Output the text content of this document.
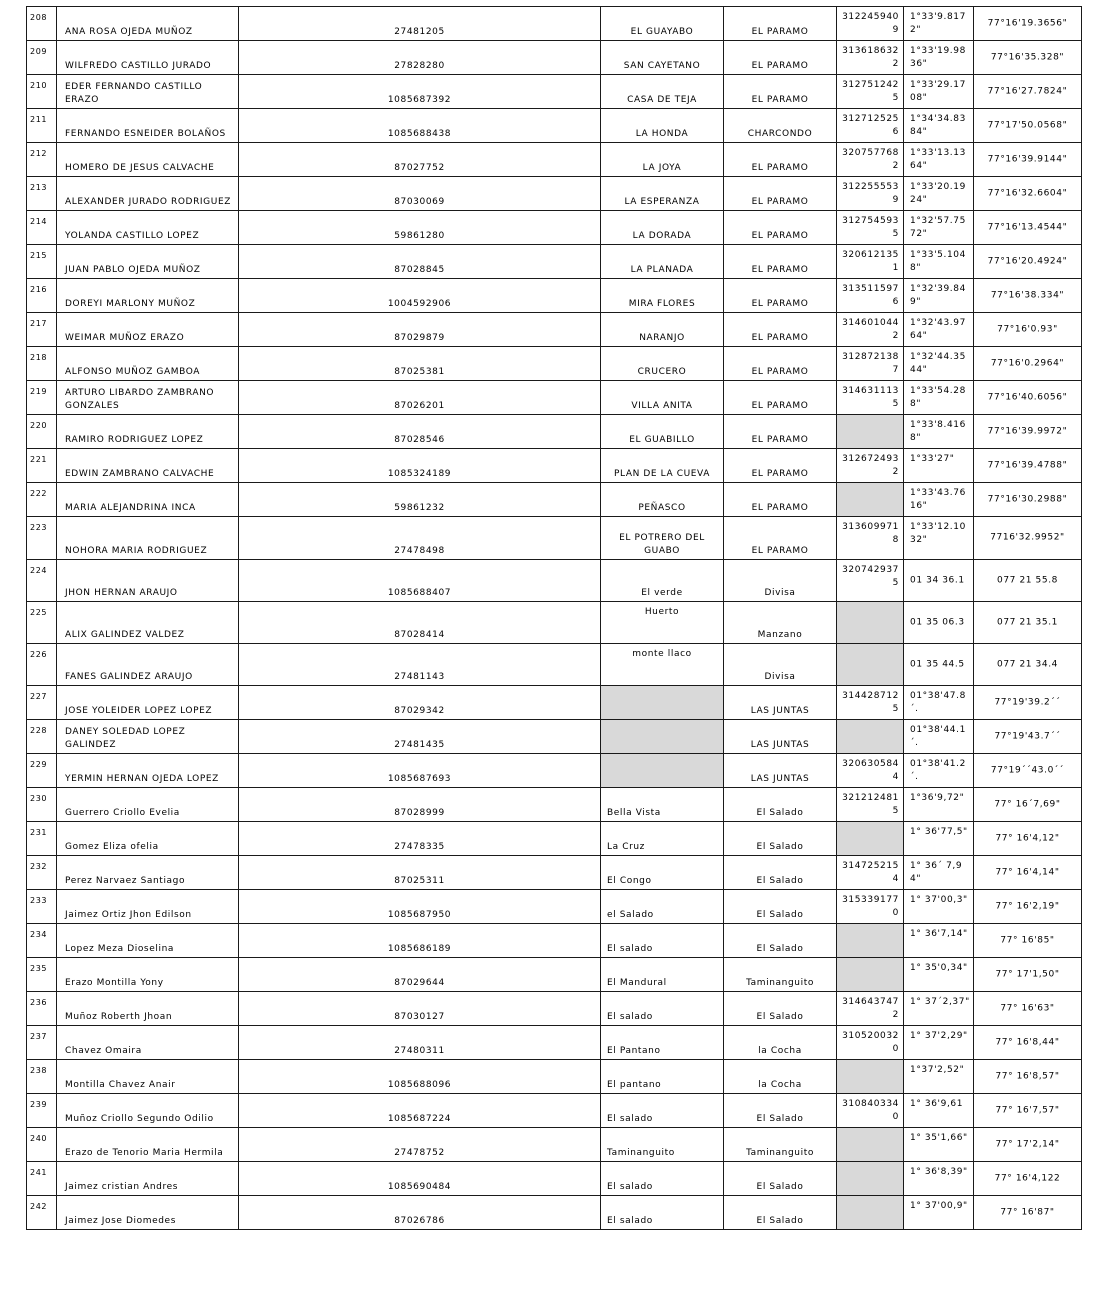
208	ANA ROSA OJEDA MUÑOZ	27481205	EL GUAYABO	EL PARAMO	3122459409	1°33'9.8172"	77°16'19.3656"

209	WILFREDO CASTILLO JURADO	27828280	SAN CAYETANO	EL PARAMO	3136186322	1°33'19.9836"	77°16'35.328"

210	EDER FERNANDO CASTILLO ERAZO	1085687392	CASA DE TEJA	EL PARAMO	3127512425	1°33'29.1708"	77°16'27.7824"

211	FERNANDO ESNEIDER BOLAÑOS	1085688438	LA HONDA	CHARCONDO	3127125256	1°34'34.8384"	77°17'50.0568"

212	HOMERO DE JESUS CALVACHE	87027752	LA JOYA	EL PARAMO	3207577682	1°33'13.1364"	77°16'39.9144"

213	ALEXANDER JURADO RODRIGUEZ	87030069	LA ESPERANZA	EL PARAMO	3122555539	1°33'20.1924"	77°16'32.6604"

214	YOLANDA CASTILLO LOPEZ	59861280	LA DORADA	EL PARAMO	3127545935	1°32'57.7572"	77°16'13.4544"

215	JUAN PABLO OJEDA MUÑOZ	87028845	LA PLANADA	EL PARAMO	3206121351	1°33'5.1048"	77°16'20.4924"

216	DOREYI MARLONY MUÑOZ	1004592906	MIRA FLORES	EL PARAMO	3135115976	1°32'39.849"	77°16'38.334"

217	WEIMAR MUÑOZ ERAZO	87029879	NARANJO	EL PARAMO	3146010442	1°32'43.9764"	77°16'0.93"

218	ALFONSO MUÑOZ GAMBOA	87025381	CRUCERO	EL PARAMO	3128721387	1°32'44.3544"	77°16'0.2964"

219	ARTURO LIBARDO ZAMBRANO GONZALES	87026201	VILLA ANITA	EL PARAMO	3146311135	1°33'54.288"	77°16'40.6056"

220	RAMIRO RODRIGUEZ LOPEZ	87028546	EL GUABILLO	EL PARAMO		1°33'8.4168"	77°16'39.9972"

221	EDWIN ZAMBRANO CALVACHE	1085324189	PLAN DE LA CUEVA	EL PARAMO	3126724932	1°33'27"	77°16'39.4788"

222	MARIA ALEJANDRINA INCA	59861232	PEÑASCO	EL PARAMO		1°33'43.7616"	77°16'30.2988"

223	NOHORA MARIA RODRIGUEZ	27478498	EL POTRERO DEL GUABO	EL PARAMO	3136099718	1°33'12.1032"	7716'32.9952"

224	JHON HERNAN ARAUJO	1085688407	El verde	Divisa	3207429375	01 34 36.1	077 21 55.8

225	ALIX GALINDEZ VALDEZ	87028414	Huerto	Manzano		01 35 06.3	077 21 35.1

226	FANES GALINDEZ ARAUJO	27481143	monte llaco	Divisa		01 35 44.5	077 21 34.4

227	JOSE YOLEIDER LOPEZ LOPEZ	87029342		LAS JUNTAS	3144287125	01°38'47.8´.	77°19'39.2´´

228	DANEY SOLEDAD LOPEZ GALINDEZ	27481435		LAS JUNTAS		01°38'44.1´.	77°19'43.7´´

229	YERMIN HERNAN OJEDA LOPEZ	1085687693		LAS JUNTAS	3206305844	01°38'41.2´.	77°19´´43.0´´

230	Guerrero Criollo Evelia	87028999	Bella Vista	El Salado	3212124815	1°36'9,72"	77° 16´7,69"

231	Gomez Eliza ofelia	27478335	La Cruz	El Salado		1° 36'77,5"	77° 16'4,12"

232	Perez Narvaez Santiago	87025311	El Congo	El Salado	3147252154	1° 36´ 7,94"	77° 16'4,14"

233	Jaimez Ortiz Jhon Edilson	1085687950	el Salado	El Salado	3153391770	1° 37'00,3"	77° 16'2,19"

234	Lopez Meza Dioselina	1085686189	El salado	El Salado		1° 36'7,14"	77° 16'85"

235	Erazo Montilla Yony	87029644	El Mandural	Taminanguito		1° 35'0,34"	77° 17'1,50"

236	Muñoz Roberth Jhoan	87030127	El salado	El Salado	3146437472	1° 37´2,37"	77° 16'63"

237	Chavez Omaira	27480311	El Pantano	la Cocha	3105200320	1° 37'2,29"	77° 16'8,44"

238	Montilla Chavez Anair	1085688096	El pantano	la Cocha		1°37'2,52"	77° 16'8,57"

239	Muñoz Criollo Segundo Odilio	1085687224	El salado	El Salado	3108403340	1° 36'9,61	77° 16'7,57"

240	Erazo de Tenorio Maria Hermila	27478752	Taminanguito	Taminanguito		1° 35'1,66"	77° 17'2,14"

241	Jaimez cristian Andres	1085690484	El salado	El Salado		1° 36'8,39"	77° 16'4,122

242	Jaimez Jose Diomedes	87026786	El salado	El Salado		1° 37'00,9"	77° 16'87"
